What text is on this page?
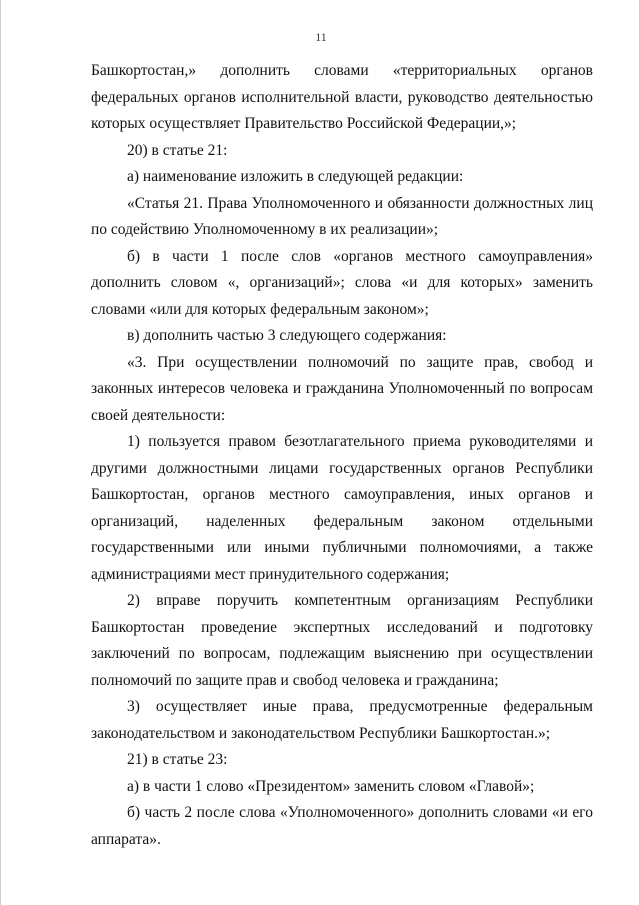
11

Башкортостан,» дополнить словами «территориальных органов федеральных органов исполнительной власти, руководство деятельностью которых осуществляет Правительство Российской Федерации,»;

20) в статье 21:

а) наименование изложить в следующей редакции:

«Статья 21. Права Уполномоченного и обязанности должностных лиц по содействию Уполномоченному в их реализации»;

б) в части 1 после слов «органов местного самоуправления» дополнить словом «, организаций»; слова «и для которых» заменить словами «или для которых федеральным законом»;

в) дополнить частью 3 следующего содержания:

«3. При осуществлении полномочий по защите прав, свобод и законных интересов человека и гражданина Уполномоченный по вопросам своей деятельности:

1) пользуется правом безотлагательного приема руководителями и другими должностными лицами государственных органов Республики Башкортостан, органов местного самоуправления, иных органов и организаций, наделенных федеральным законом отдельными государственными или иными публичными полномочиями, а также администрациями мест принудительного содержания;

2) вправе поручить компетентным организациям Республики Башкортостан проведение экспертных исследований и подготовку заключений по вопросам, подлежащим выяснению при осуществлении полномочий по защите прав и свобод человека и гражданина;

3) осуществляет иные права, предусмотренные федеральным законодательством и законодательством Республики Башкортостан.»;

21) в статье 23:

а) в части 1 слово «Президентом» заменить словом «Главой»;

б) часть 2 после слова «Уполномоченного» дополнить словами «и его аппарата».
